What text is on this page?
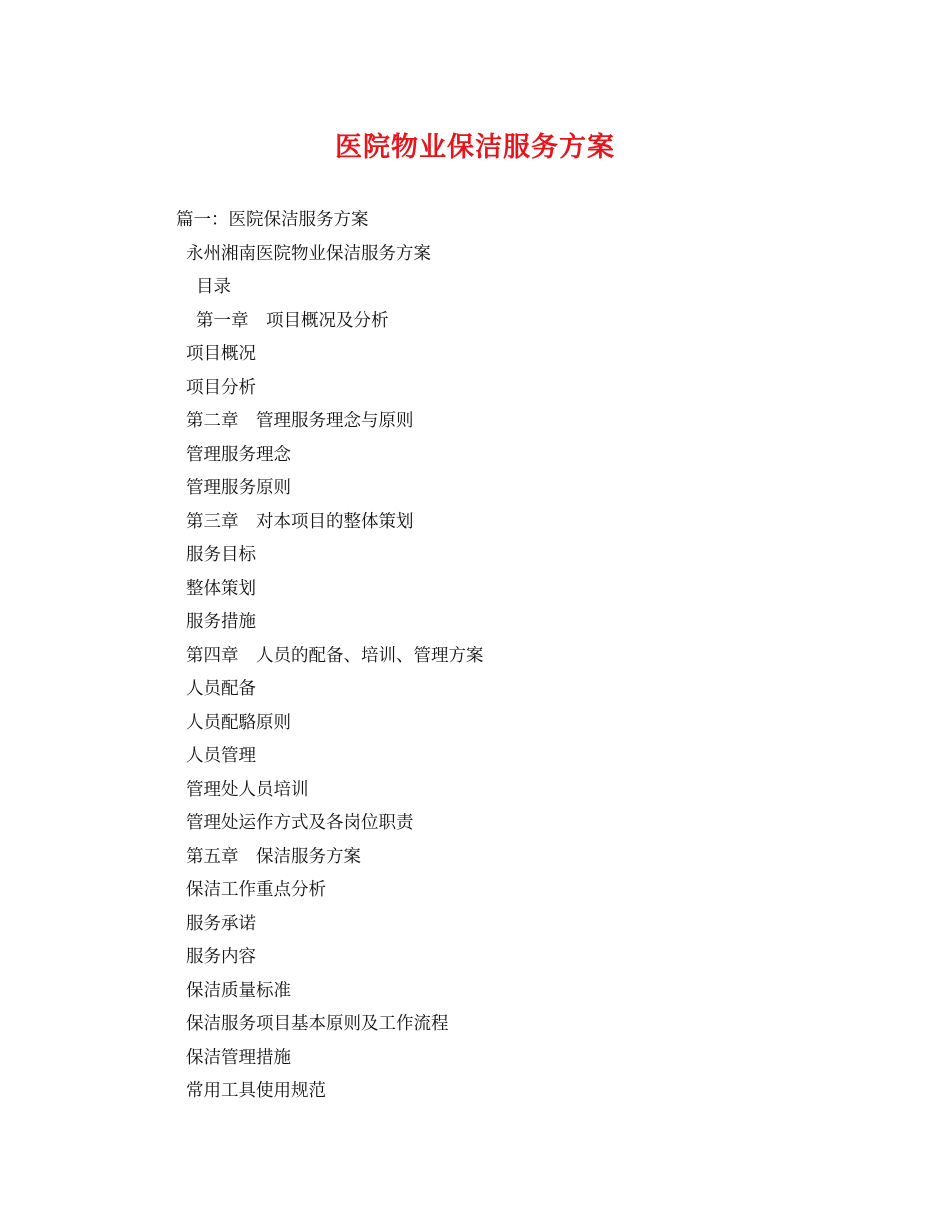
医院物业保洁服务方案
篇一：医院保洁服务方案
永州湘南医院物业保洁服务方案
目录
第一章　项目概况及分析
项目概况
项目分析
第二章　管理服务理念与原则
管理服务理念
管理服务原则
第三章　对本项目的整体策划
服务目标
整体策划
服务措施
第四章　人员的配备、培训、管理方案
人员配备
人员配駱原则
人员管理
管理处人员培训
管理处运作方式及各岗位职责
第五章　保洁服务方案
保洁工作重点分析
服务承诺
服务内容
保洁质量标准
保洁服务项目基本原则及工作流程
保洁管理措施
常用工具使用规范
